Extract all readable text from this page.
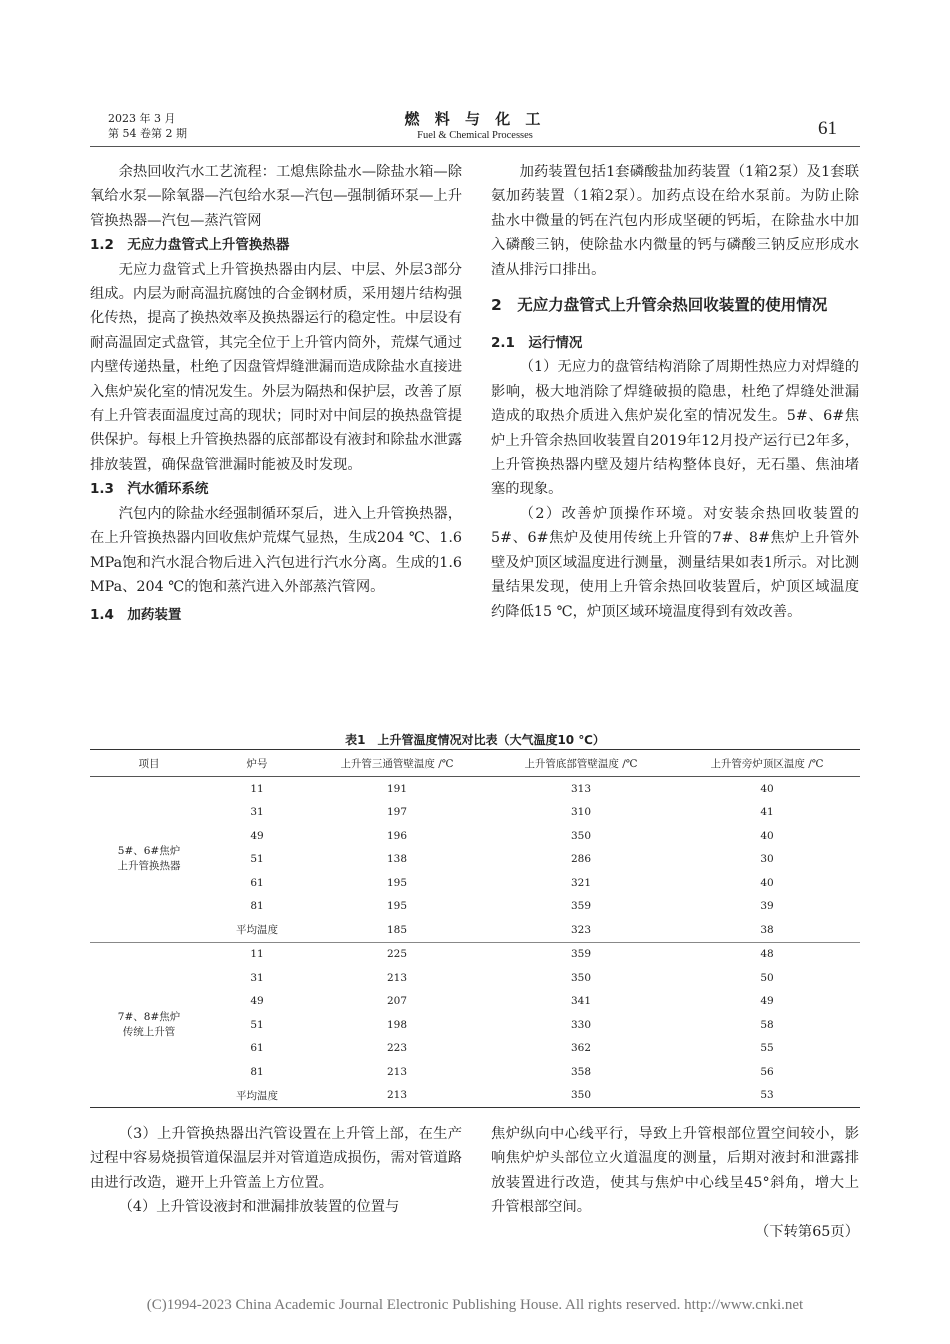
2023 年 3 月
第 54 卷第 2 期
燃 料 与 化 工
Fuel & Chemical Processes	61

余热回收汽水工艺流程：工熄焦除盐水—除盐水箱—除氧给水泵—除氧器—汽包给水泵—汽包—强制循环泵—上升管换热器—汽包—蒸汽管网

1.2　无应力盘管式上升管换热器

无应力盘管式上升管换热器由内层、中层、外层3部分组成。内层为耐高温抗腐蚀的合金钢材质，采用翅片结构强化传热，提高了换热效率及换热器运行的稳定性。中层设有耐高温固定式盘管，其完全位于上升管内筒外，荒煤气通过内壁传递热量，杜绝了因盘管焊缝泄漏而造成除盐水直接进入焦炉炭化室的情况发生。外层为隔热和保护层，改善了原有上升管表面温度过高的现状；同时对中间层的换热盘管提供保护。每根上升管换热器的底部都设有液封和除盐水泄露排放装置，确保盘管泄漏时能被及时发现。

1.3　汽水循环系统

汽包内的除盐水经强制循环泵后，进入上升管换热器，在上升管换热器内回收焦炉荒煤气显热，生成204 ℃、1.6 MPa饱和汽水混合物后进入汽包进行汽水分离。生成的1.6 MPa、204 ℃的饱和蒸汽进入外部蒸汽管网。

1.4　加药装置

加药装置包括1套磷酸盐加药装置（1箱2泵）及1套联氨加药装置（1箱2泵）。加药点设在给水泵前。为防止除盐水中微量的钙在汽包内形成坚硬的钙垢，在除盐水中加入磷酸三钠，使除盐水内微量的钙与磷酸三钠反应形成水渣从排污口排出。

2　无应力盘管式上升管余热回收装置的使用情况

2.1　运行情况

（1）无应力的盘管结构消除了周期性热应力对焊缝的影响，极大地消除了焊缝破损的隐患，杜绝了焊缝处泄漏造成的取热介质进入焦炉炭化室的情况发生。5#、6#焦炉上升管余热回收装置自2019年12月投产运行已2年多，上升管换热器内壁及翅片结构整体良好，无石墨、焦油堵塞的现象。

（2）改善炉顶操作环境。对安装余热回收装置的5#、6#焦炉及使用传统上升管的7#、8#焦炉上升管外壁及炉顶区域温度进行测量，测量结果如表1所示。对比测量结果发现，使用上升管余热回收装置后，炉顶区域温度约降低15 ℃，炉顶区域环境温度得到有效改善。

表1　上升管温度情况对比表（大气温度10 ℃）
项目	炉号	上升管三通管壁温度 /℃	上升管底部管壁温度 /℃	上升管旁炉顶区温度 /℃

5#、6#焦炉
上升管换热器	11	191	313	40
	31	197	310	41
	49	196	350	40
	51	138	286	30
	61	195	321	40
	81	195	359	39
	平均温度	185	323	38

7#、8#焦炉
传统上升管	11	225	359	48
	31	213	350	50
	49	207	341	49
	51	198	330	58
	61	223	362	55
	81	213	358	56
	平均温度	213	350	53

（3）上升管换热器出汽管设置在上升管上部，在生产过程中容易烧损管道保温层并对管道造成损伤，需对管道路由进行改造，避开上升管盖上方位置。

（4）上升管设液封和泄漏排放装置的位置与

焦炉纵向中心线平行，导致上升管根部位置空间较小，影响焦炉炉头部位立火道温度的测量，后期对液封和泄露排放装置进行改造，使其与焦炉中心线呈45°斜角，增大上升管根部空间。

（下转第65页）

(C)1994-2023 China Academic Journal Electronic Publishing House. All rights reserved. http://www.cnki.net
